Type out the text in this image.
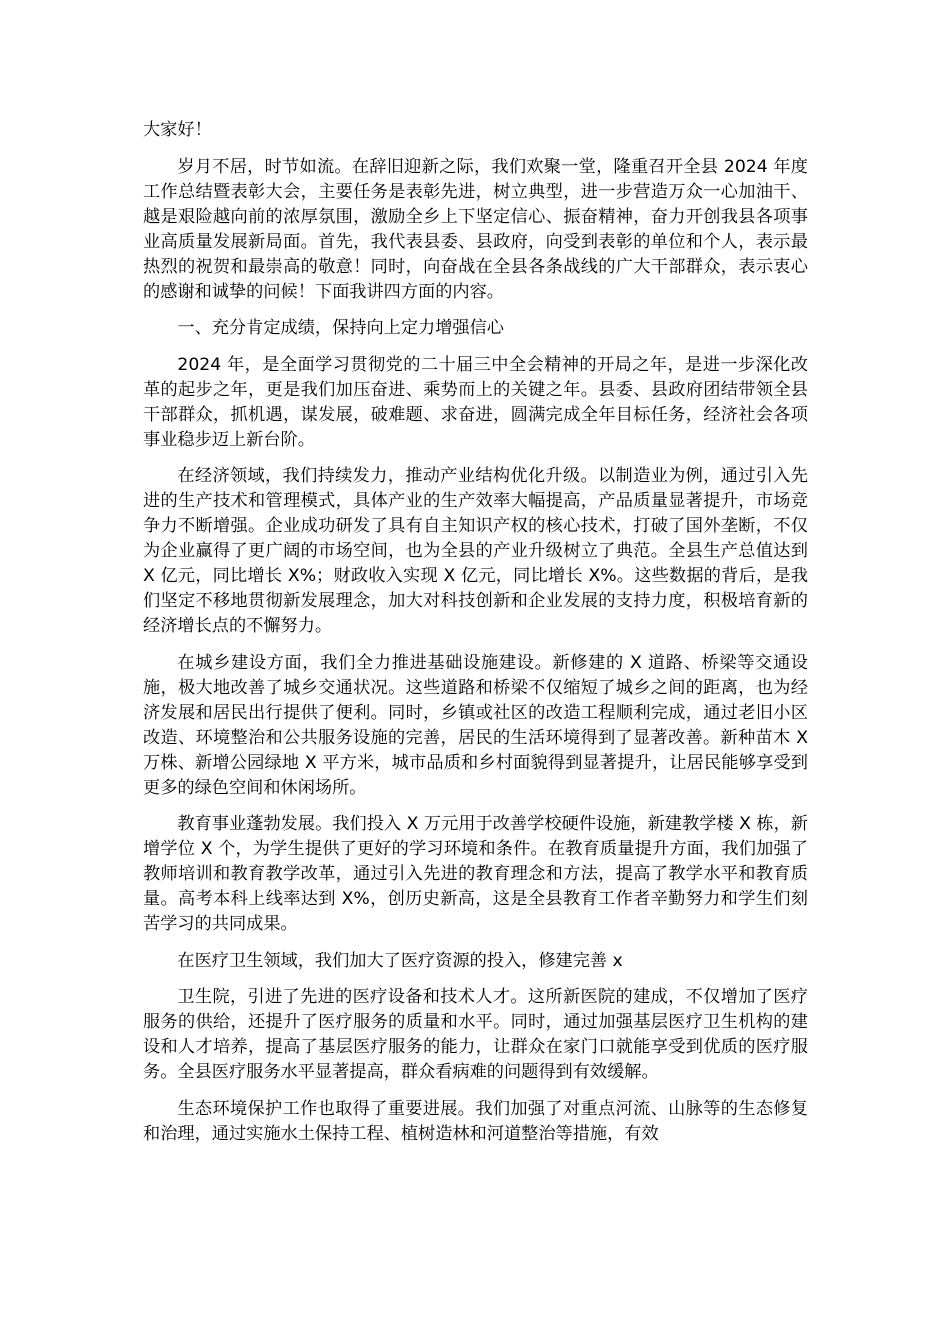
大家好！

岁月不居，时节如流。在辞旧迎新之际，我们欢聚一堂，隆重召开全县 2024 年度工作总结暨表彰大会，主要任务是表彰先进，树立典型，进一步营造万众一心加油干、越是艰险越向前的浓厚氛围，激励全乡上下坚定信心、振奋精神，奋力开创我县各项事业高质量发展新局面。首先，我代表县委、县政府，向受到表彰的单位和个人，表示最热烈的祝贺和最崇高的敬意！同时，向奋战在全县各条战线的广大干部群众，表示衷心的感谢和诚挚的问候！下面我讲四方面的内容。

一、充分肯定成绩，保持向上定力增强信心

2024 年，是全面学习贯彻党的二十届三中全会精神的开局之年，是进一步深化改革的起步之年，更是我们加压奋进、乘势而上的关键之年。县委、县政府团结带领全县干部群众，抓机遇，谋发展，破难题、求奋进，圆满完成全年目标任务，经济社会各项事业稳步迈上新台阶。

在经济领域，我们持续发力，推动产业结构优化升级。以制造业为例，通过引入先进的生产技术和管理模式，具体产业的生产效率大幅提高，产品质量显著提升，市场竞争力不断增强。企业成功研发了具有自主知识产权的核心技术，打破了国外垄断，不仅为企业赢得了更广阔的市场空间，也为全县的产业升级树立了典范。全县生产总值达到 X 亿元，同比增长 X%；财政收入实现 X 亿元，同比增长 X%。这些数据的背后，是我们坚定不移地贯彻新发展理念，加大对科技创新和企业发展的支持力度，积极培育新的经济增长点的不懈努力。

在城乡建设方面，我们全力推进基础设施建设。新修建的 X 道路、桥梁等交通设施，极大地改善了城乡交通状况。这些道路和桥梁不仅缩短了城乡之间的距离，也为经济发展和居民出行提供了便利。同时，乡镇或社区的改造工程顺利完成，通过老旧小区改造、环境整治和公共服务设施的完善，居民的生活环境得到了显著改善。新种苗木 X 万株、新增公园绿地 X 平方米，城市品质和乡村面貌得到显著提升，让居民能够享受到更多的绿色空间和休闲场所。

教育事业蓬勃发展。我们投入 X 万元用于改善学校硬件设施，新建教学楼 X 栋，新增学位 X 个，为学生提供了更好的学习环境和条件。在教育质量提升方面，我们加强了教师培训和教育教学改革，通过引入先进的教育理念和方法，提高了教学水平和教育质量。高考本科上线率达到 X%，创历史新高，这是全县教育工作者辛勤努力和学生们刻苦学习的共同成果。

在医疗卫生领域，我们加大了医疗资源的投入，修建完善 x

卫生院，引进了先进的医疗设备和技术人才。这所新医院的建成，不仅增加了医疗服务的供给，还提升了医疗服务的质量和水平。同时，通过加强基层医疗卫生机构的建设和人才培养，提高了基层医疗服务的能力，让群众在家门口就能享受到优质的医疗服务。全县医疗服务水平显著提高，群众看病难的问题得到有效缓解。

生态环境保护工作也取得了重要进展。我们加强了对重点河流、山脉等的生态修复和治理，通过实施水土保持工程、植树造林和河道整治等措施，有效
